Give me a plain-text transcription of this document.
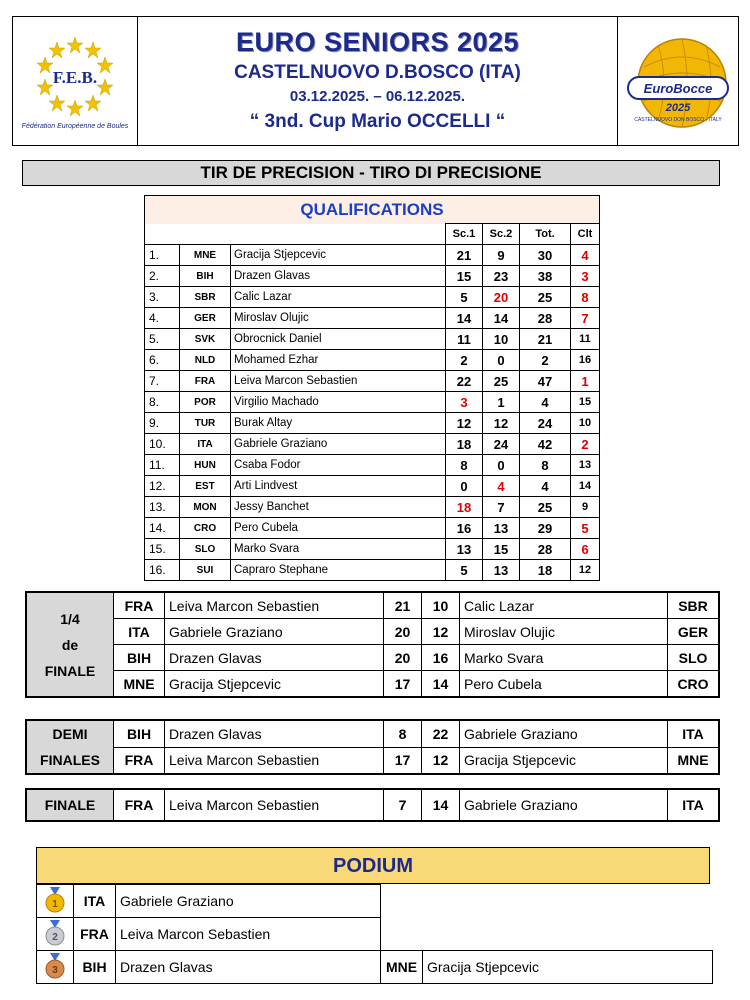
F.E.B.
Fédération Européenne de Boules
EURO SENIORS 2025
CASTELNUOVO D.BOSCO (ITA)
03.12.2025. – 06.12.2025.
“ 3nd. Cup Mario OCCELLI “
EuroBocce
2025
CASTELNUOVO DON BOSCO - ITALY
TIR DE PRECISION - TIRO DI PRECISIONE
QUALIFICATIONS						
			Sc.1	Sc.2	Tot.	Clt
1.	MNE	Gracija Stjepcevic	21	9	30	4
2.	BIH	Drazen Glavas	15	23	38	3
3.	SBR	Calic Lazar	5	20	25	8
4.	GER	Miroslav Olujic	14	14	28	7
5.	SVK	Obrocnick Daniel	11	10	21	11
6.	NLD	Mohamed Ezhar	2	0	2	16
7.	FRA	Leiva Marcon Sebastien	22	25	47	1
8.	POR	Virgilio Machado	3	1	4	15
9.	TUR	Burak Altay	12	12	24	10
10.	ITA	Gabriele Graziano	18	24	42	2
11.	HUN	Csaba Fodor	8	0	8	13
12.	EST	Arti Lindvest	0	4	4	14
13.	MON	Jessy Banchet	18	7	25	9
14.	CRO	Pero Cubela	16	13	29	5
15.	SLO	Marko Svara	13	15	28	6
16.	SUI	Capraro Stephane	5	13	18	12
1/4
de
FINALE	FRA	Leiva Marcon Sebastien	21	10	Calic Lazar	SBR
	ITA	Gabriele Graziano	20	12	Miroslav Olujic	GER
	BIH	Drazen Glavas	20	16	Marko Svara	SLO
	MNE	Gracija Stjepcevic	17	14	Pero Cubela	CRO
DEMI
FINALES	BIH	Drazen Glavas	8	22	Gabriele Graziano	ITA
	FRA	Leiva Marcon Sebastien	17	12	Gracija Stjepcevic	MNE
FINALE	FRA	Leiva Marcon Sebastien	7	14	Gabriele Graziano	ITA
PODIUM
1	ITA	Gabriele Graziano		

2	FRA	Leiva Marcon Sebastien		

3	BIH	Drazen Glavas	MNE	Gracija Stjepcevic
